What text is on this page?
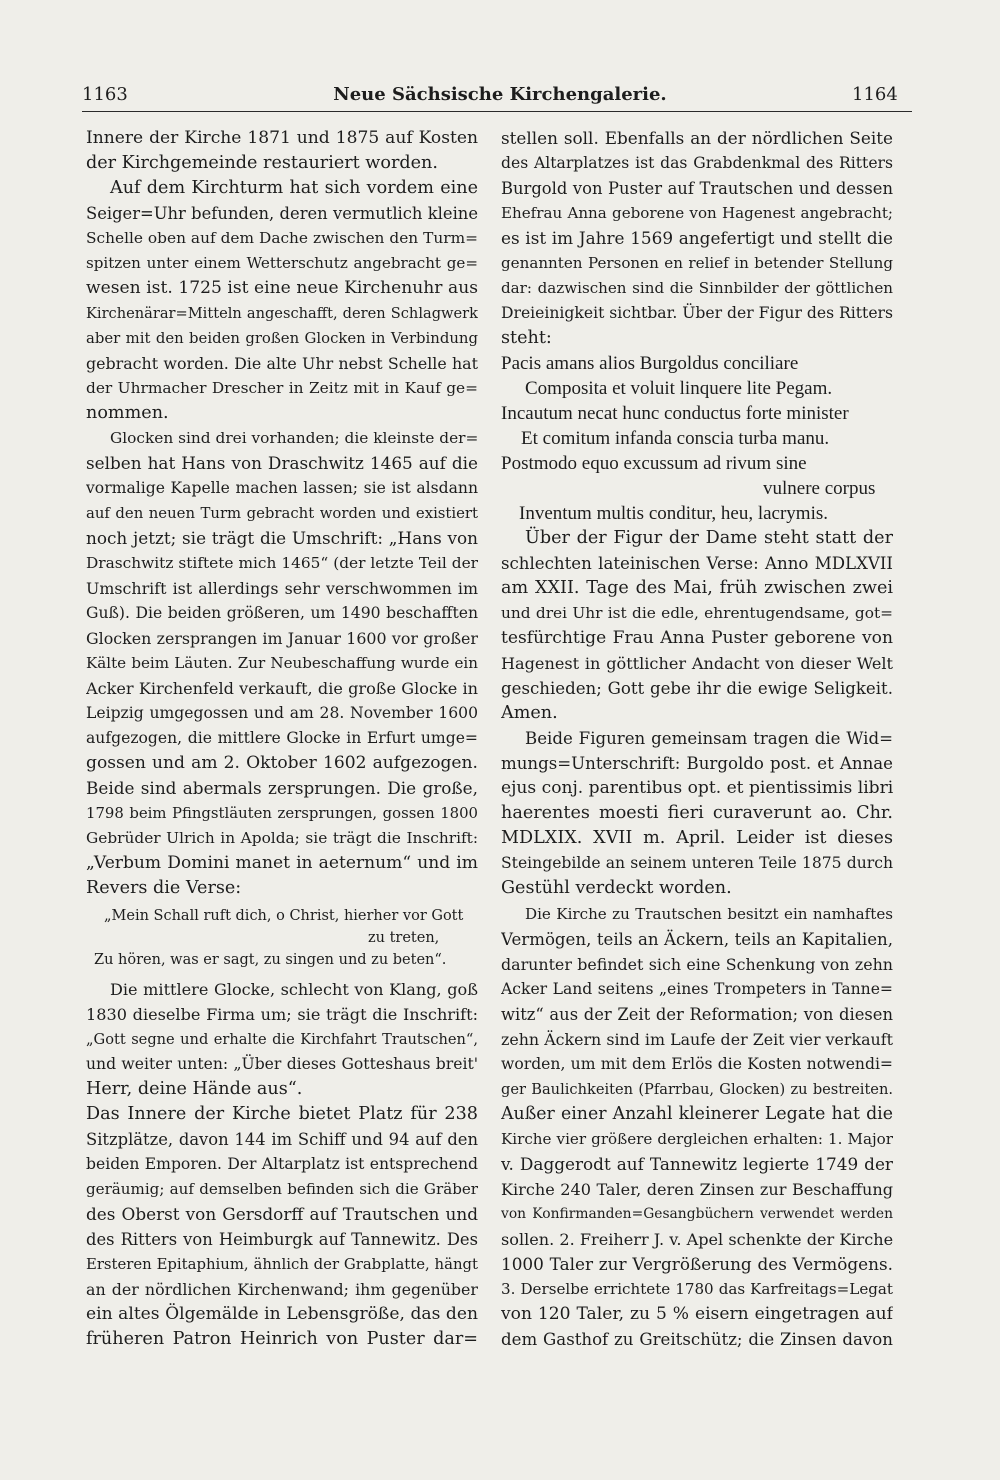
1163	Neue Sächsische Kirchengalerie.	1164
Innere der Kirche 1871 und 1875 auf Kosten
der Kirchgemeinde restauriert worden.
Auf dem Kirchturm hat sich vordem eine
Seiger=Uhr befunden, deren vermutlich kleine
Schelle oben auf dem Dache zwischen den Turm=
spitzen unter einem Wetterschutz angebracht ge=
wesen ist. 1725 ist eine neue Kirchenuhr aus
Kirchenärar=Mitteln angeschafft, deren Schlagwerk
aber mit den beiden großen Glocken in Verbindung
gebracht worden. Die alte Uhr nebst Schelle hat
der Uhrmacher Drescher in Zeitz mit in Kauf ge=
nommen.
Glocken sind drei vorhanden; die kleinste der=
selben hat Hans von Draschwitz 1465 auf die
vormalige Kapelle machen lassen; sie ist alsdann
auf den neuen Turm gebracht worden und existiert
noch jetzt; sie trägt die Umschrift: „Hans von
Draschwitz stiftete mich 1465“ (der letzte Teil der
Umschrift ist allerdings sehr verschwommen im
Guß). Die beiden größeren, um 1490 beschafften
Glocken zersprangen im Januar 1600 vor großer
Kälte beim Läuten. Zur Neubeschaffung wurde ein
Acker Kirchenfeld verkauft, die große Glocke in
Leipzig umgegossen und am 28. November 1600
aufgezogen, die mittlere Glocke in Erfurt umge=
gossen und am 2. Oktober 1602 aufgezogen.
Beide sind abermals zersprungen. Die große,
1798 beim Pfingstläuten zersprungen, gossen 1800
Gebrüder Ulrich in Apolda; sie trägt die Inschrift:
„Verbum Domini manet in aeternum“ und im
Revers die Verse:
„Mein Schall ruft dich, o Christ, hierher vor Gott
zu treten,
Zu hören, was er sagt, zu singen und zu beten“.
Die mittlere Glocke, schlecht von Klang, goß
1830 dieselbe Firma um; sie trägt die Inschrift:
„Gott segne und erhalte die Kirchfahrt Trautschen“,
und weiter unten: „Über dieses Gotteshaus breit'
Herr, deine Hände aus“.
Das Innere der Kirche bietet Platz für 238
Sitzplätze, davon 144 im Schiff und 94 auf den
beiden Emporen. Der Altarplatz ist entsprechend
geräumig; auf demselben befinden sich die Gräber
des Oberst von Gersdorff auf Trautschen und
des Ritters von Heimburgk auf Tannewitz. Des
Ersteren Epitaphium, ähnlich der Grabplatte, hängt
an der nördlichen Kirchenwand; ihm gegenüber
ein altes Ölgemälde in Lebensgröße, das den
früheren Patron Heinrich von Puster dar=
stellen soll. Ebenfalls an der nördlichen Seite
des Altarplatzes ist das Grabdenkmal des Ritters
Burgold von Puster auf Trautschen und dessen
Ehefrau Anna geborene von Hagenest angebracht;
es ist im Jahre 1569 angefertigt und stellt die
genannten Personen en relief in betender Stellung
dar: dazwischen sind die Sinnbilder der göttlichen
Dreieinigkeit sichtbar. Über der Figur des Ritters
steht:
Pacis amans alios Burgoldus conciliare
Composita et voluit linquere lite Pegam.
Incautum necat hunc conductus forte minister
Et comitum infanda conscia turba manu.
Postmodo equo excussum ad rivum sine
vulnere corpus
Inventum multis conditur, heu, lacrymis.
Über der Figur der Dame steht statt der
schlechten lateinischen Verse: Anno MDLXVII
am XXII. Tage des Mai, früh zwischen zwei
und drei Uhr ist die edle, ehrentugendsame, got=
tesfürchtige Frau Anna Puster geborene von
Hagenest in göttlicher Andacht von dieser Welt
geschieden; Gott gebe ihr die ewige Seligkeit.
Amen.
Beide Figuren gemeinsam tragen die Wid=
mungs=Unterschrift: Burgoldo post. et Annae
ejus conj. parentibus opt. et pientissimis libri
haerentes moesti fieri curaverunt ao. Chr.
MDLXIX. XVII m. April. Leider ist dieses
Steingebilde an seinem unteren Teile 1875 durch
Gestühl verdeckt worden.
Die Kirche zu Trautschen besitzt ein namhaftes
Vermögen, teils an Äckern, teils an Kapitalien,
darunter befindet sich eine Schenkung von zehn
Acker Land seitens „eines Trompeters in Tanne=
witz“ aus der Zeit der Reformation; von diesen
zehn Äckern sind im Laufe der Zeit vier verkauft
worden, um mit dem Erlös die Kosten notwendi=
ger Baulichkeiten (Pfarrbau, Glocken) zu bestreiten.
Außer einer Anzahl kleinerer Legate hat die
Kirche vier größere dergleichen erhalten: 1. Major
v. Daggerodt auf Tannewitz legierte 1749 der
Kirche 240 Taler, deren Zinsen zur Beschaffung
von Konfirmanden=Gesangbüchern verwendet werden
sollen. 2. Freiherr J. v. Apel schenkte der Kirche
1000 Taler zur Vergrößerung des Vermögens.
3. Derselbe errichtete 1780 das Karfreitags=Legat
von 120 Taler, zu 5 % eisern eingetragen auf
dem Gasthof zu Greitschütz; die Zinsen davon
